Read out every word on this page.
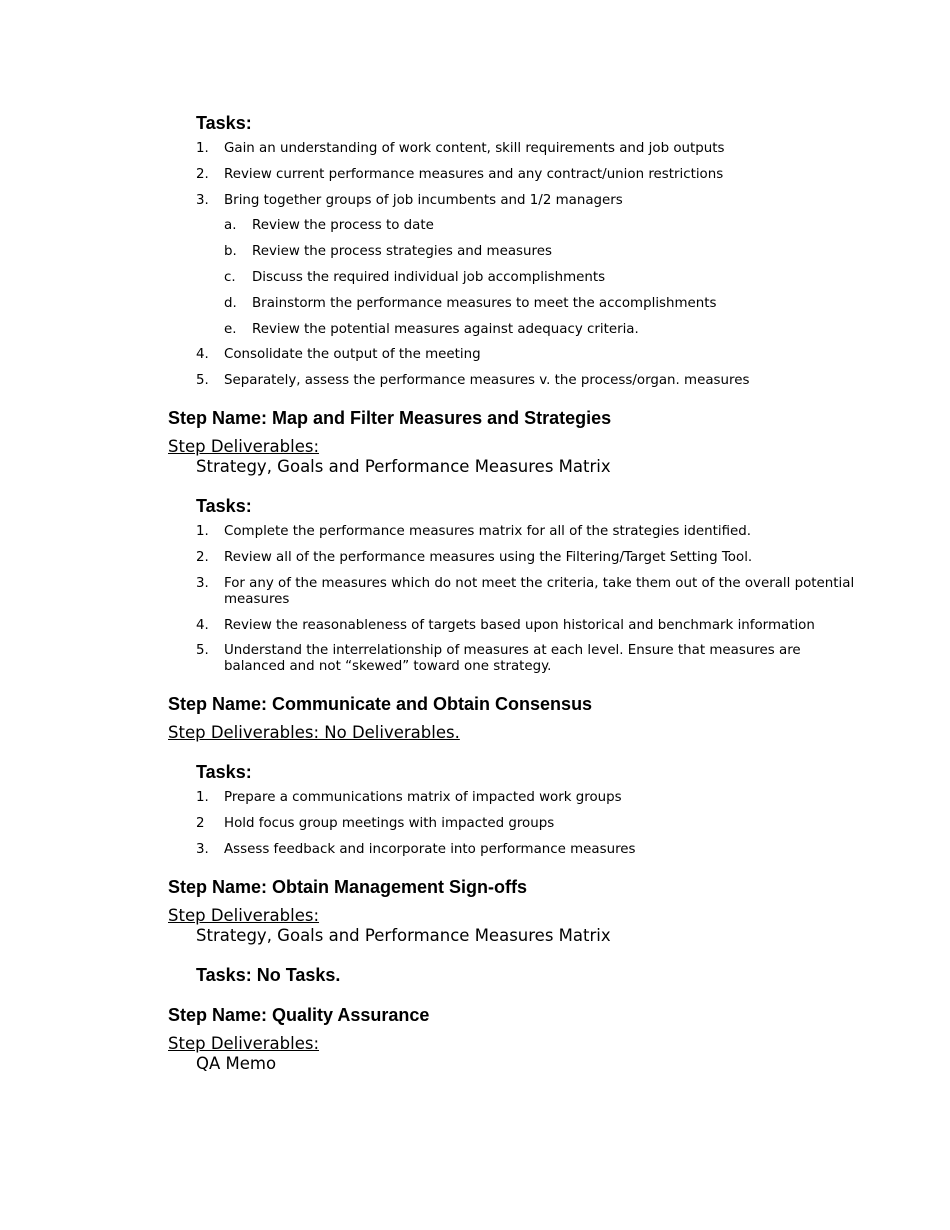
Tasks:
1. Gain an understanding of work content, skill requirements and job outputs
2. Review current performance measures and any contract/union restrictions
3. Bring together groups of job incumbents and 1/2 managers
a. Review the process to date
b. Review the process strategies and measures
c. Discuss the required individual job accomplishments
d. Brainstorm the performance measures to meet the accomplishments
e. Review the potential measures against adequacy criteria.
4. Consolidate the output of the meeting
5. Separately, assess the performance measures v. the process/organ. measures
Step Name: Map and Filter Measures and Strategies
Step Deliverables:
Strategy, Goals and Performance Measures Matrix
Tasks:
1. Complete the performance measures matrix for all of the strategies identified.
2. Review all of the performance measures using the Filtering/Target Setting Tool.
3. For any of the measures which do not meet the criteria, take them out of the overall potential measures
4. Review the reasonableness of targets based upon historical and benchmark information
5. Understand the interrelationship of measures at each level. Ensure that measures are balanced and not “skewed” toward one strategy.
Step Name: Communicate and Obtain Consensus
Step Deliverables: No Deliverables.
Tasks:
1. Prepare a communications matrix of impacted work groups
2 Hold focus group meetings with impacted groups
3. Assess feedback and incorporate into performance measures
Step Name: Obtain Management Sign-offs
Step Deliverables:
Strategy, Goals and Performance Measures Matrix
Tasks: No Tasks.
Step Name: Quality Assurance
Step Deliverables:
QA Memo
